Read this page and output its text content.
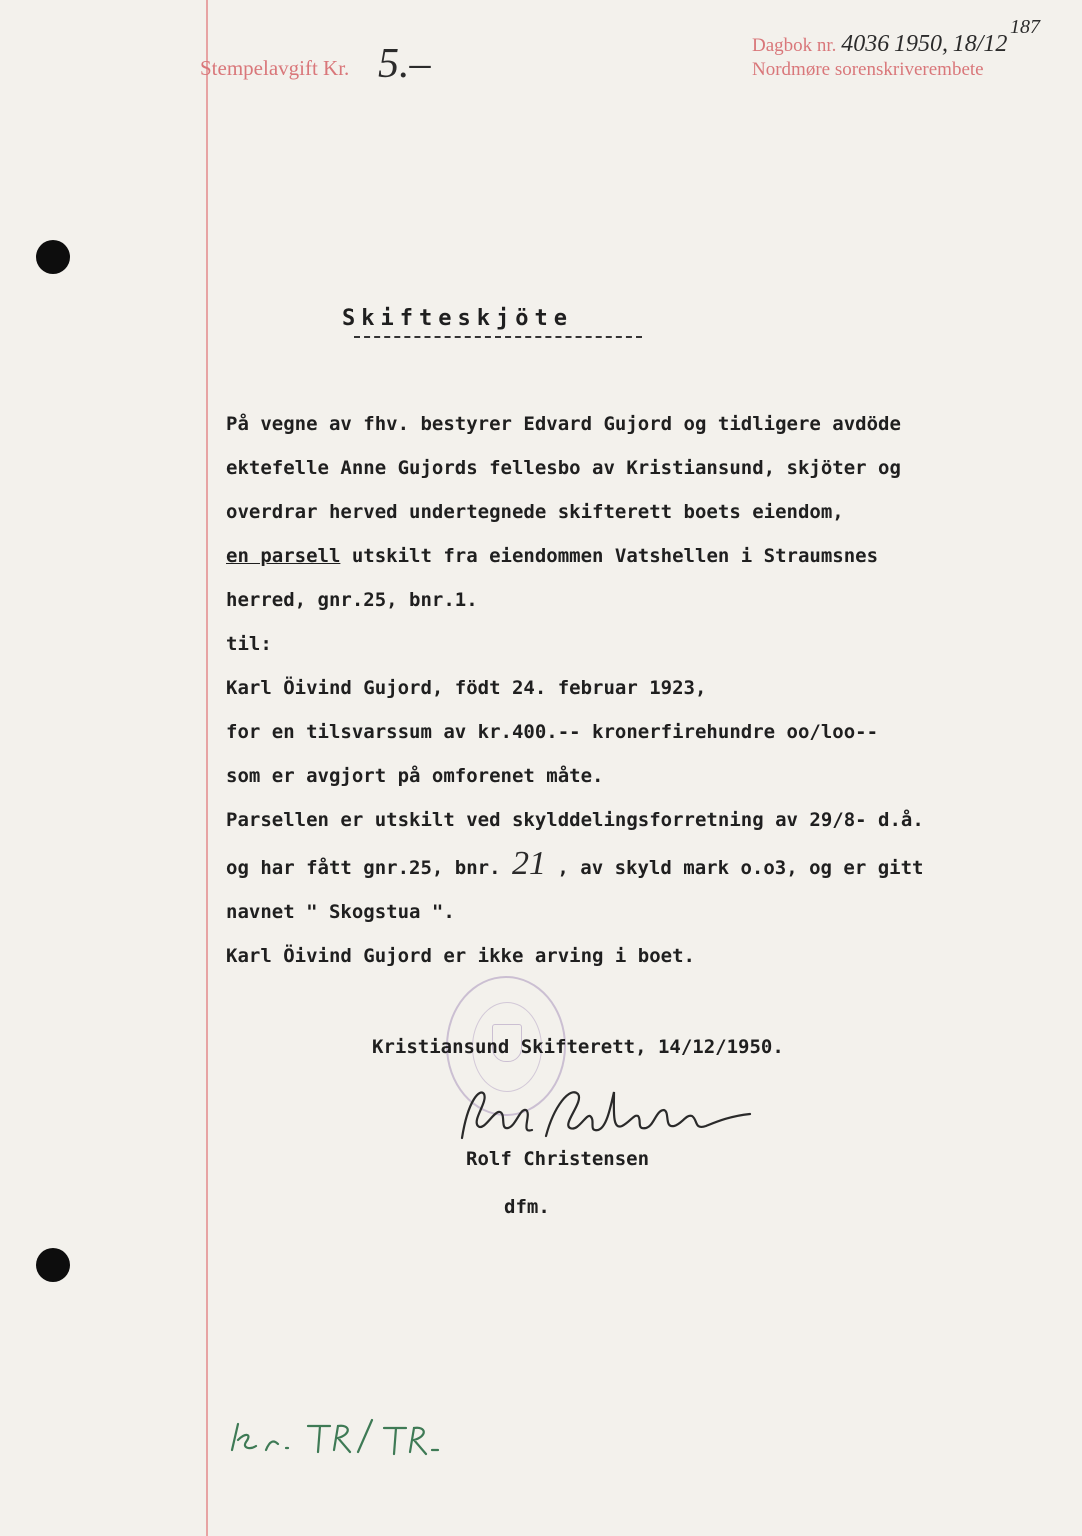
Stempelavgift Kr. 5.–	Dagbok nr. 4036 1950, 18/12
Nordmøre sorenskriverembete
187
Skifteskjöte
På vegne av fhv. bestyrer Edvard Gujord og tidligere avdöde
ektefelle Anne Gujords fellesbo av Kristiansund, skjöter og
overdrar herved undertegnede skifterett boets eiendom,
en parsell utskilt fra eiendommen Vatshellen i Straumsnes
herred, gnr.25, bnr.1.
til:
Karl Öivind Gujord, födt 24. februar 1923,
for en tilsvarssum av kr.400.-- kronerfirehundre oo/loo--
som er avgjort på omforenet måte.
Parsellen er utskilt ved skylddelingsforretning av 29/8- d.å.
og har fått gnr.25, bnr. 21 , av skyld mark o.o3, og er gitt
navnet " Skogstua ".
Karl Öivind Gujord er ikke arving i boet.
Kristiansund Skifterett, 14/12/1950.
Rolf Christensen
dfm.
